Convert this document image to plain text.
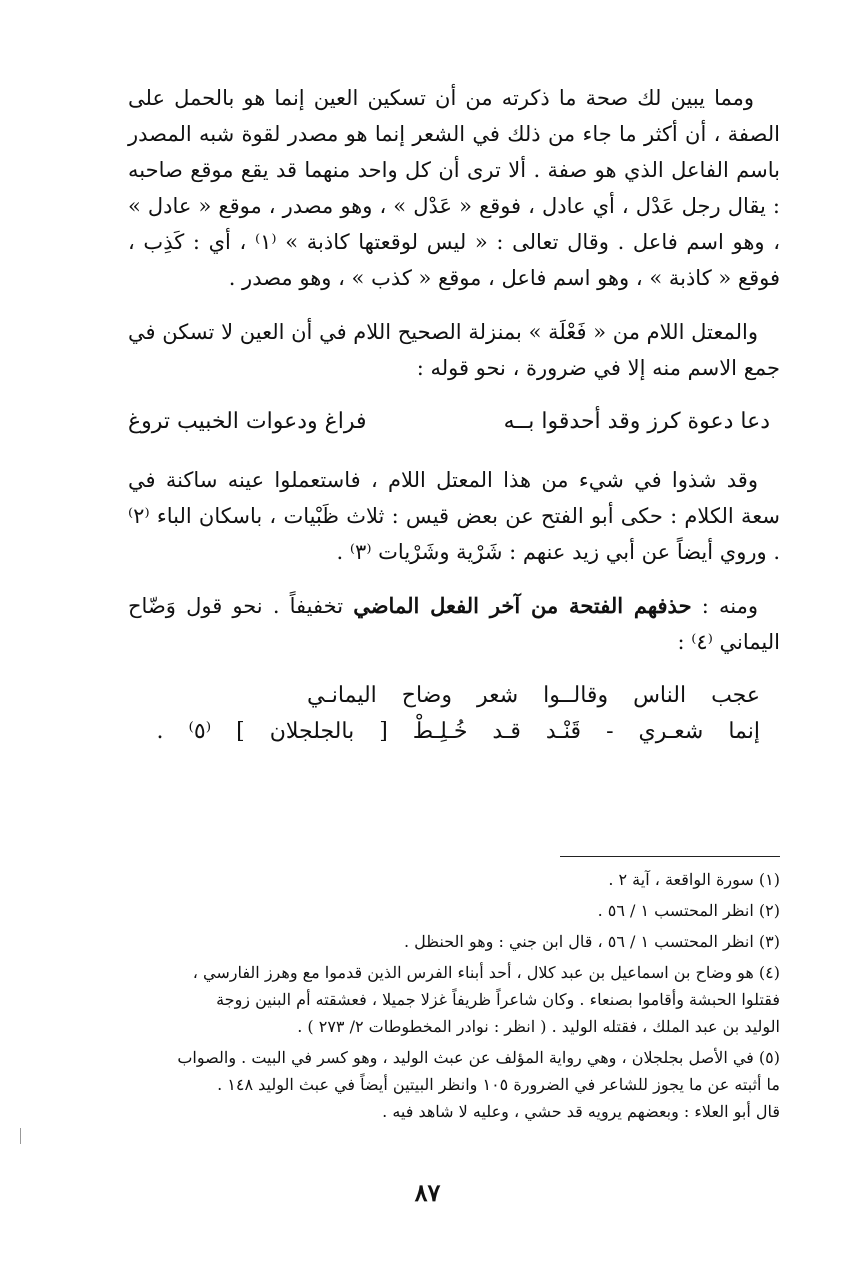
ومما يبين لك صحة ما ذكرته من أن تسكين العين إنما هو بالحمل على الصفة ، أن أكثر ما جاء من ذلك في الشعر إنما هو مصدر لقوة شبه المصدر باسم الفاعل الذي هو صفة . ألا ترى أن كل واحد منهما قد يقع موقع صاحبه : يقال رجل عَدْل ، أي عادل ، فوقع « عَدْل » ، وهو مصدر ، موقع « عادل » ، وهو اسم فاعل . وقال تعالى : « ليس لوقعتها كاذبة » ⁽١⁾ ، أي : كَذِب ، فوقع « كاذبة » ، وهو اسم فاعل ، موقع « كذب » ، وهو مصدر .

والمعتل اللام من « فَعْلَة » بمنزلة الصحيح اللام في أن العين لا تسكن في جمع الاسم منه إلا في ضرورة ، نحو قوله :

دعا دعوة كرز وقد أحدقوا بــه
فراغ ودعوات الخبيب تروغ

وقد شذوا في شيء من هذا المعتل اللام ، فاستعملوا عينه ساكنة في سعة الكلام : حكى أبو الفتح عن بعض قيس : ثلاث ظَبْيات ، باسكان الباء ⁽٢⁾ . وروي أيضاً عن أبي زيد عنهم : شَرْية وشَرْيات ⁽٣⁾ .

ومنه : حذفهم الفتحة من آخر الفعل الماضي تخفيفاً . نحو قول وَضّاح اليماني ⁽٤⁾ :

عجب الناس وقالــوا شعر وضاح اليمانـي
إنما شعـري - قَنْـد قـد خُـلِـطْ [ بالجلجلان ] ⁽٥⁾ .
(١) سورة الواقعة ، آية ٢ .
(٢) انظر المحتسب ١ / ٥٦ .
(٣) انظر المحتسب ١ / ٥٦ ، قال ابن جني : وهو الحنظل .
(٤) هو وضاح بن اسماعيل بن عبد كلال ، أحد أبناء الفرس الذين قدموا مع وهرز الفارسي ،
فقتلوا الحبشة وأقاموا بصنعاء . وكان شاعراً ظريفاً غزلا جميلا ، فعشقته أم البنين زوجة
الوليد بن عبد الملك ، فقتله الوليد . ( انظر : نوادر المخطوطات ٢/ ٢٧٣ ) .
(٥) في الأصل بجلجلان ، وهي رواية المؤلف عن عبث الوليد ، وهو كسر في البيت . والصواب
ما أثبته عن ما يجوز للشاعر في الضرورة ١٠٥ وانظر البيتين أيضاً في عبث الوليد ١٤٨ .
قال أبو العلاء : وبعضهم يرويه قد حشي ، وعليه لا شاهد فيه .
٨٧
